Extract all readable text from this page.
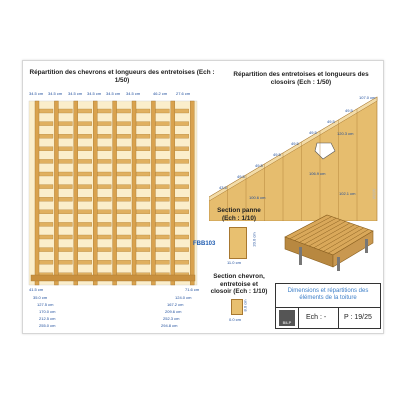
Répartition des chevrons et longueurs des entretoises (Ech : 1/50)
34.5 cm 34.5 cm 34.5 cm 34.5 cm 34.5 cm 34.5 cm	46.2 cm 27.6 cm
FBB103
41.5 cm
35.0 cm
127.5 cm
170.0 cm
212.5 cm
255.0 cm
71.6 cm
124.0 cm
167.2 cm
209.6 cm
252.3 cm
294.8 cm
Répartition des entretoises et longueurs des closoirs (Ech : 1/50)
43.5
49.5
49.5
49.5
49.5
49.5
49.5
49.5
107.0 cm
120.3 cm
106.9 cm
100.6 cm
102.1 cm
Section panne (Ech : 1/10)
20.0 cm
11.0 cm
Section chevron, entretoise et closoir (Ech : 1/10)
8.0 cm
0.0 cm
Dimensions et répartitions des éléments de la toiture
BILP
Ech : -	P : 19/25
www
